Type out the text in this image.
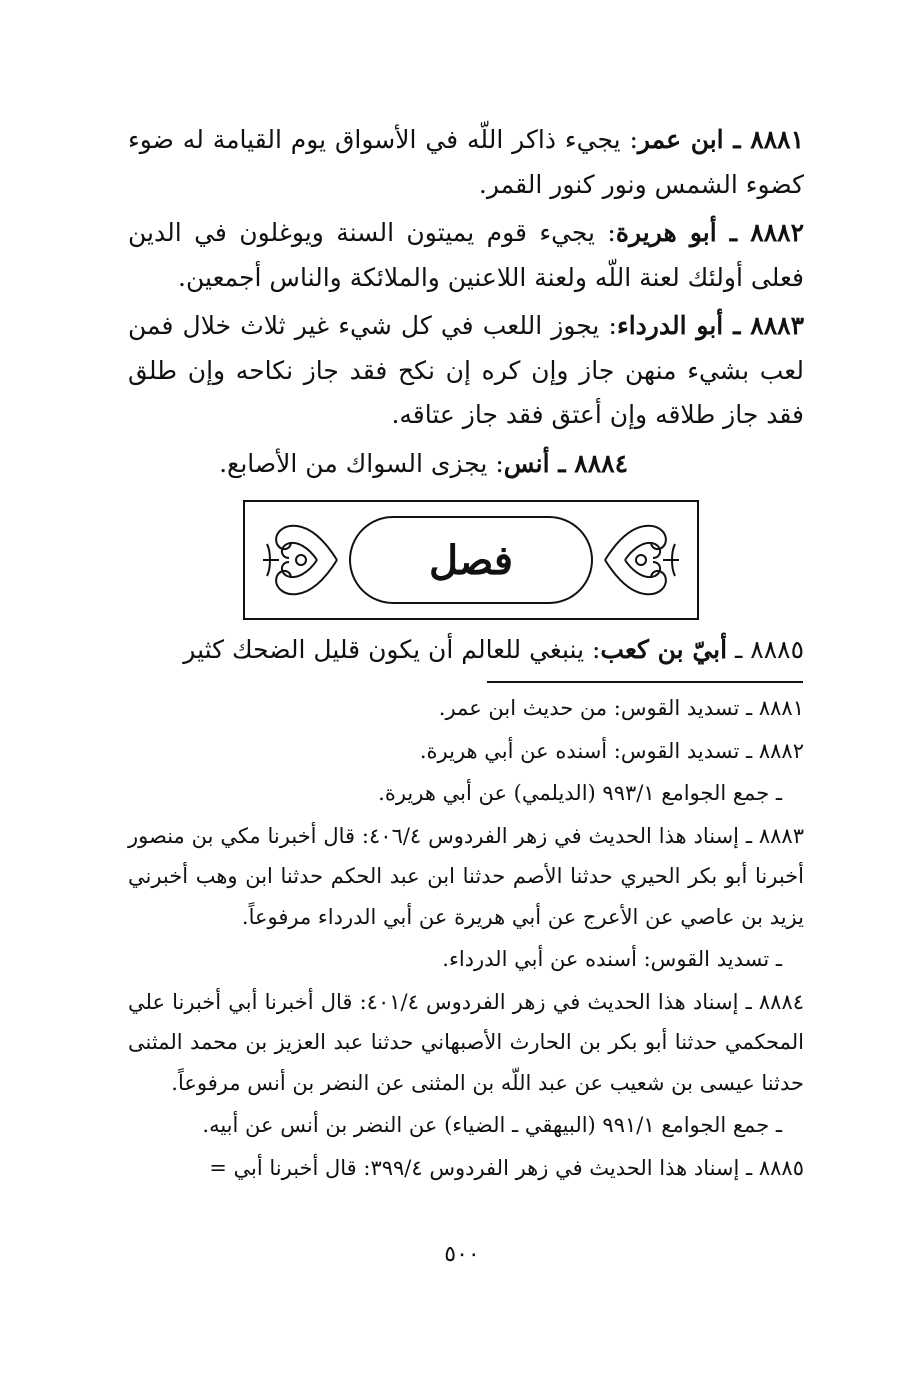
٨٨٨١ ـ ابن عمر: يجيء ذاكر اللّه في الأسواق يوم القيامة له ضوء كضوء الشمس ونور كنور القمر.

٨٨٨٢ ـ أبو هريرة: يجيء قوم يميتون السنة ويوغلون في الدين فعلى أولئك لعنة اللّه ولعنة اللاعنين والملائكة والناس أجمعين.

٨٨٨٣ ـ أبو الدرداء: يجوز اللعب في كل شيء غير ثلاث خلال فمن لعب بشيء منهن جاز وإن كره إن نكح فقد جاز نكاحه وإن طلق فقد جاز طلاقه وإن أعتق فقد جاز عتاقه.

٨٨٨٤ ـ أنس: يجزى السواك من الأصابع.

فصل
٨٨٨٥ ـ أبيّ بن كعب: ينبغي للعالم أن يكون قليل الضحك كثير

٨٨٨١ ـ تسديد القوس: من حديث ابن عمر.

٨٨٨٢ ـ تسديد القوس: أسنده عن أبي هريرة.

ـ جمع الجوامع ٩٩٣/١ (الديلمي) عن أبي هريرة.

٨٨٨٣ ـ إسناد هذا الحديث في زهر الفردوس ٤٠٦/٤: قال أخبرنا مكي بن منصور أخبرنا أبو بكر الحيري حدثنا الأصم حدثنا ابن عبد الحكم حدثنا ابن وهب أخبرني يزيد بن عاصي عن الأعرج عن أبي هريرة عن أبي الدرداء مرفوعاً.

ـ تسديد القوس: أسنده عن أبي الدرداء.

٨٨٨٤ ـ إسناد هذا الحديث في زهر الفردوس ٤٠١/٤: قال أخبرنا أبي أخبرنا علي المحكمي حدثنا أبو بكر بن الحارث الأصبهاني حدثنا عبد العزيز بن محمد المثنى حدثنا عيسى بن شعيب عن عبد اللّه بن المثنى عن النضر بن أنس مرفوعاً.

ـ جمع الجوامع ٩٩١/١ (البيهقي ـ الضياء) عن النضر بن أنس عن أبيه.

٨٨٨٥ ـ إسناد هذا الحديث في زهر الفردوس ٣٩٩/٤: قال أخبرنا أبي =

٥٠٠
